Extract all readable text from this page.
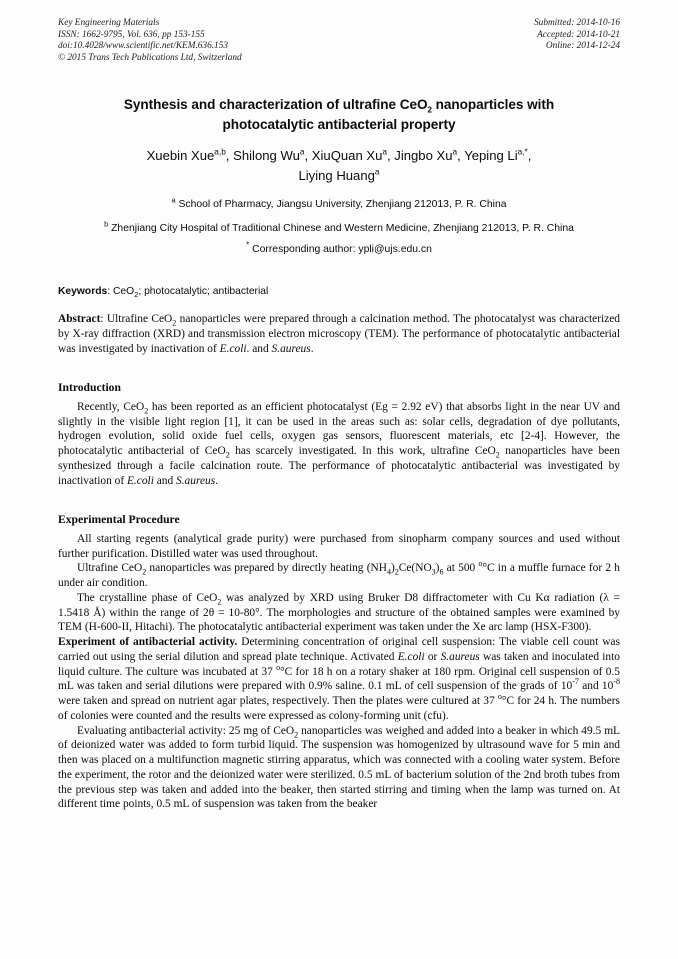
Key Engineering Materials
ISSN: 1662-9795, Vol. 636, pp 153-155
doi:10.4028/www.scientific.net/KEM.636.153
© 2015 Trans Tech Publications Ltd, Switzerland
Submitted: 2014-10-16
Accepted: 2014-10-21
Online: 2014-12-24
Synthesis and characterization of ultrafine CeO$_2$ nanoparticles with
photocatalytic antibacterial property
Xuebin Xue$^{a,b}$, Shilong Wu$^a$, XiuQuan Xu$^a$, Jingbo Xu$^a$, Yeping $Li^{a,*}$,
Liying Huang$^a$
$^a$ School of Pharmacy, Jiangsu University, Zhenjiang 212013, P. R. China
$^b$ Zhenjiang City Hospital of Traditional Chinese and Western Medicine, Zhenjiang 212013, P. R. China
* Corresponding author: ypli@ujs.edu.cn
Keywords: CeO$_2$; photocatalytic; antibacterial
Abstract: Ultrafine CeO$_2$ nanoparticles were prepared through a calcination method. The photocatalyst was characterized by X-ray diffraction (XRD) and transmission electron microscopy (TEM). The performance of photocatalytic antibacterial was investigated by inactivation of E.coli. and S.aureus.
Introduction

Recently, CeO$_2$ has been reported as an efficient photocatalyst (Eg = 2.92 eV) that absorbs light in the near UV and slightly in the visible light region [1], it can be used in the areas such as: solar cells, degradation of dye pollutants, hydrogen evolution, solid oxide fuel cells, oxygen gas sensors, fluorescent materials, etc [2-4]. However, the photocatalytic antibacterial of CeO$_2$ has scarcely investigated. In this work, ultrafine CeO$_2$ nanoparticles have been synthesized through a facile calcination route. The performance of photocatalytic antibacterial was investigated by inactivation of E.coli and S.aureus.

Experimental Procedure

All starting regents (analytical grade purity) were purchased from sinopharm company sources and used without further purification. Distilled water was used throughout.

Ultrafine CeO$_2$ nanoparticles was prepared by directly heating $(NH_4)_2Ce(NO_3)_6$ at 500 $^o$°C in a muffle furnace for 2 h under air condition.

The crystalline phase of CeO$_2$ was analyzed by XRD using Bruker D8 diffractometer with Cu Kα radiation (λ = 1.5418 Å) within the range of 2θ = 10-80°. The morphologies and structure of the obtained samples were examined by TEM (H-600-II, Hitachi). The photocatalytic antibacterial experiment was taken under the Xe arc lamp (HSX-F300).

Experiment of antibacterial activity. Determining concentration of original cell suspension: The viable cell count was carried out using the serial dilution and spread plate technique. Activated E.coli or S.aureus was taken and inoculated into liquid culture. The culture was incubated at 37 $^o$°C for 18 h on a rotary shaker at 180 rpm. Original cell suspension of 0.5 mL was taken and serial dilutions were prepared with 0.9% saline. 0.1 mL of cell suspension of the grads of $10^{-7}$ and $10^{-8}$ were taken and spread on nutrient agar plates, respectively. Then the plates were cultured at 37 $^o$°C for 24 h. The numbers of colonies were counted and the results were expressed as colony-forming unit (cfu).

Evaluating antibacterial activity: 25 mg of CeO$_2$ nanoparticles was weighed and added into a beaker in which 49.5 mL of deionized water was added to form turbid liquid. The suspension was homogenized by ultrasound wave for 5 min and then was placed on a multifunction magnetic stirring apparatus, which was connected with a cooling water system. Before the experiment, the rotor and the deionized water were sterilized. 0.5 mL of bacterium solution of the 2nd broth tubes from the previous step was taken and added into the beaker, then started stirring and timing when the lamp was turned on. At different time points, 0.5 mL of suspension was taken from the beaker
